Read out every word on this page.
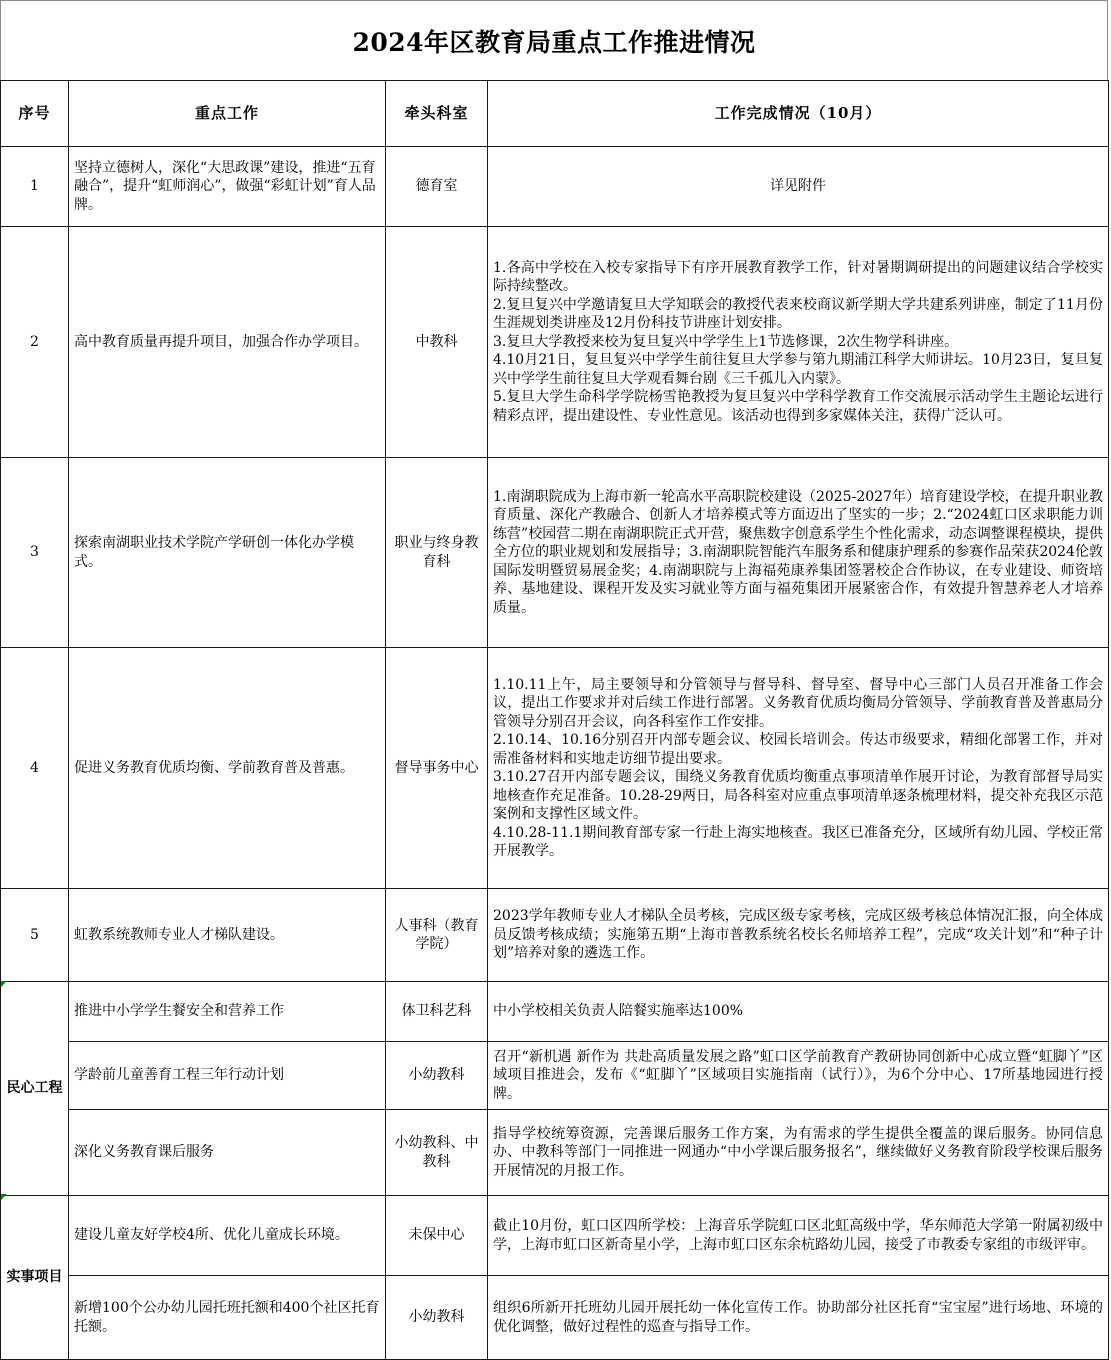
2024年区教育局重点工作推进情况
序号	重点工作	牵头科室	工作完成情况（10月）
1	坚持立德树人，深化“大思政课”建设，推进“五育融合”，提升“虹师润心”，做强“彩虹计划”育人品牌。	德育室	详见附件
2	高中教育质量再提升项目，加强合作办学项目。	中教科	1.各高中学校在入校专家指导下有序开展教育教学工作，针对暑期调研提出的问题建议结合学校实际持续整改。
2.复旦复兴中学邀请复旦大学知联会的教授代表来校商议新学期大学共建系列讲座，制定了11月份生涯规划类讲座及12月份科技节讲座计划安排。
3.复旦大学教授来校为复旦复兴中学学生上1节选修课，2次生物学科讲座。
4.10月21日，复旦复兴中学学生前往复旦大学参与第九期浦江科学大师讲坛。10月23日，复旦复兴中学学生前往复旦大学观看舞台剧《三千孤儿入内蒙》。
5.复旦大学生命科学学院杨雪艳教授为复旦复兴中学科学教育工作交流展示活动学生主题论坛进行精彩点评，提出建设性、专业性意见。该活动也得到多家媒体关注，获得广泛认可。

3	探索南湖职业技术学院产学研创一体化办学模式。	职业与终身教育科	1.南湖职院成为上海市新一轮高水平高职院校建设（2025-2027年）培育建设学校，在提升职业教育质量、深化产教融合、创新人才培养模式等方面迈出了坚实的一步；2.“2024虹口区求职能力训练营”校园营二期在南湖职院正式开营，聚焦数字创意系学生个性化需求，动态调整课程模块，提供全方位的职业规划和发展指导；3.南湖职院智能汽车服务系和健康护理系的参赛作品荣获2024伦敦国际发明暨贸易展金奖；4.南湖职院与上海福苑康养集团签署校企合作协议，在专业建设、师资培养、基地建设、课程开发及实习就业等方面与福苑集团开展紧密合作，有效提升智慧养老人才培养质量。
4	促进义务教育优质均衡、学前教育普及普惠。	督导事务中心	1.10.11上午，局主要领导和分管领导与督导科、督导室、督导中心三部门人员召开准备工作会议，提出工作要求并对后续工作进行部署。义务教育优质均衡局分管领导、学前教育普及普惠局分管领导分别召开会议，向各科室作工作安排。
2.10.14、10.16分别召开内部专题会议、校园长培训会。传达市级要求，精细化部署工作，并对需准备材料和实地走访细节提出要求。
3.10.27召开内部专题会议，围绕义务教育优质均衡重点事项清单作展开讨论，为教育部督导局实地核查作充足准备。10.28-29两日，局各科室对应重点事项清单逐条梳理材料，提交补充我区示范案例和支撑性区域文件。
4.10.28-11.1期间教育部专家一行赴上海实地核查。我区已准备充分，区域所有幼儿园、学校正常开展教学。

5	虹教系统教师专业人才梯队建设。	人事科（教育学院）	2023学年教师专业人才梯队全员考核，完成区级专家考核，完成区级考核总体情况汇报，向全体成员反馈考核成绩；实施第五期“上海市普教系统名校长名师培养工程”，完成“攻关计划”和“种子计划”培养对象的遴选工作。
民心工程	推进中小学学生餐安全和营养工作	体卫科艺科	中小学校相关负责人陪餐实施率达100%
	学龄前儿童善育工程三年行动计划	小幼教科	召开“新机遇 新作为 共赴高质量发展之路”虹口区学前教育产教研协同创新中心成立暨“虹脚丫”区域项目推进会，发布《“虹脚丫”区域项目实施指南（试行）》，为6个分中心、17所基地园进行授牌。
	深化义务教育课后服务	小幼教科、中教科	指导学校统筹资源，完善课后服务工作方案，为有需求的学生提供全覆盖的课后服务。协同信息办、中教科等部门一同推进一网通办“中小学课后服务报名”，继续做好义务教育阶段学校课后服务开展情况的月报工作。
实事项目	建设儿童友好学校4所、优化儿童成长环境。	未保中心	截止10月份，虹口区四所学校：上海音乐学院虹口区北虹高级中学，华东师范大学第一附属初级中学，上海市虹口区新奇星小学，上海市虹口区东余杭路幼儿园，接受了市教委专家组的市级评审。
	新增100个公办幼儿园托班托额和400个社区托育托额。	小幼教科	组织6所新开托班幼儿园开展托幼一体化宣传工作。协助部分社区托育“宝宝屋”进行场地、环境的优化调整，做好过程性的巡查与指导工作。
